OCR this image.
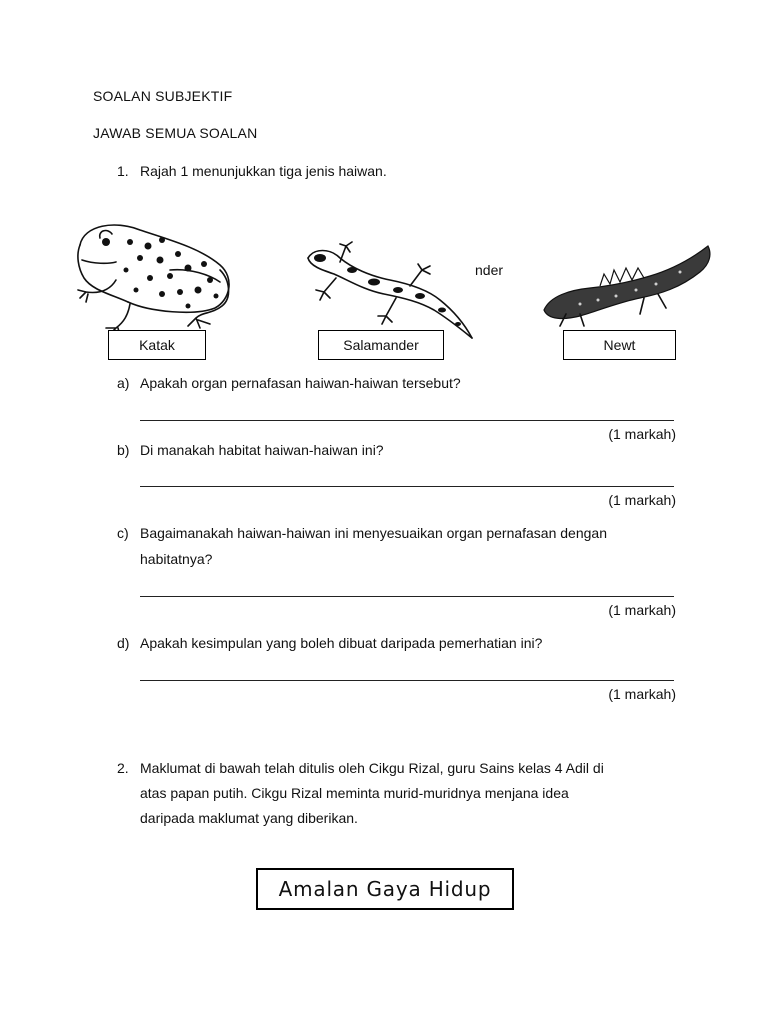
SOALAN SUBJEKTIF
JAWAB SEMUA SOALAN
1. Rajah 1 menunjukkan tiga jenis haiwan.
nder
Katak	Salamander	Newt
a) Apakah organ pernafasan haiwan-haiwan tersebut?
(1 markah)
b) Di manakah habitat haiwan-haiwan ini?
(1 markah)
c) Bagaimanakah haiwan-haiwan ini menyesuaikan organ pernafasan dengan
habitatnya?
(1 markah)
d) Apakah kesimpulan yang boleh dibuat daripada pemerhatian ini?
(1 markah)
2. Maklumat di bawah telah ditulis oleh Cikgu Rizal, guru Sains kelas 4 Adil di
atas papan putih. Cikgu Rizal meminta murid-muridnya menjana idea
daripada maklumat yang diberikan.
Amalan Gaya Hidup
